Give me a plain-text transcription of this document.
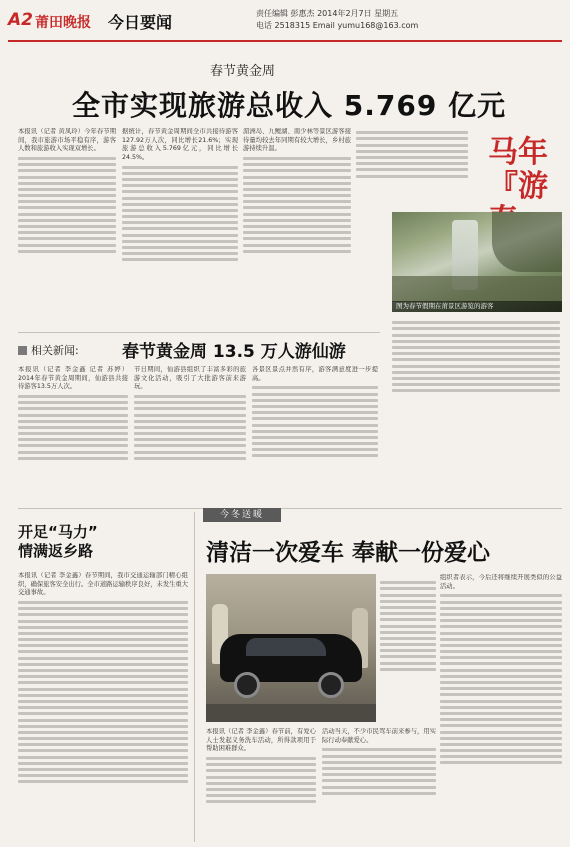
A2 莆田晚报 今日要闻	责任编辑 彭惠杰 2014年2月7日 星期五
电话 2518315 Email yumu168@163.com
春节黄金周
全市实现旅游总收入 5.769 亿元
本报讯（记者 黄凤玲）今年春节期间，我市旅游市场平稳有序，游客人数和旅游收入实现双增长。
据统计，春节黄金周期间全市共接待游客127.92万人次，同比增长21.6%；实现旅游总收入5.769亿元，同比增长24.5%。
湄洲岛、九鲤湖、南少林等景区游客接待量均较去年同期有较大增长，乡村旅游持续升温。	马年『游
图为春节假期在莆景区游览的游客
相关新闻:	春节黄金周 13.5 万人游仙游
本报讯（记者 李金鑫 记者 苏婷）2014年春节黄金周期间，仙游县共接待游客13.5万人次。
节日期间，仙游县组织了丰富多彩的旅游文化活动，吸引了大批游客前来游玩。
各景区景点井然有序，游客满意度进一步提高。
开足“马力”
情满返乡路
本报讯（记者 李金鑫）春节期间，我市交通运输部门精心组织，确保旅客安全出行。全市道路运输秩序良好，未发生重大交通事故。
今冬送暖
清洁一次爱车 奉献一份爱心
本报讯（记者 李金鑫）春节前，有爱心人士发起义务洗车活动，所得款项用于帮助困难群众。
活动当天，不少市民驾车前来参与，用实际行动奉献爱心。
组织者表示，今后还将继续开展类似的公益活动。
